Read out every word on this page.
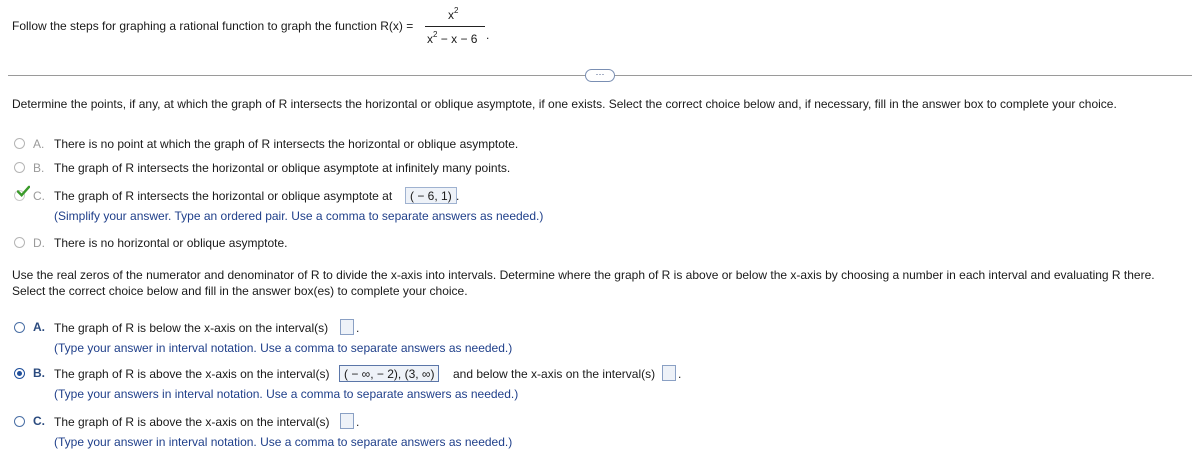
Follow the steps for graphing a rational function to graph the function R(x) =
$x^2$
$x^2 - x - 6$ .
···
Determine the points, if any, at which the graph of R intersects the horizontal or oblique asymptote, if one exists. Select the correct choice below and, if necessary, fill in the answer box to complete your choice.
A. There is no point at which the graph of R intersects the horizontal or oblique asymptote.
B. The graph of R intersects the horizontal or oblique asymptote at infinitely many points.
C. The graph of R intersects the horizontal or oblique asymptote at	( − 6, 1) .
(Simplify your answer. Type an ordered pair. Use a comma to separate answers as needed.)
D. There is no horizontal or oblique asymptote.
Use the real zeros of the numerator and denominator of R to divide the x-axis into intervals. Determine where the graph of R is above or below the x-axis by choosing a number in each interval and evaluating R there.
Select the correct choice below and fill in the answer box(es) to complete your choice.
A. The graph of R is below the x-axis on the interval(s) .
(Type your answer in interval notation. Use a comma to separate answers as needed.)
B. The graph of R is above the x-axis on the interval(s)	( − ∞, − 2), (3, ∞)	and below the x-axis on the interval(s) .
(Type your answers in interval notation. Use a comma to separate answers as needed.)
C. The graph of R is above the x-axis on the interval(s) .
(Type your answer in interval notation. Use a comma to separate answers as needed.)
